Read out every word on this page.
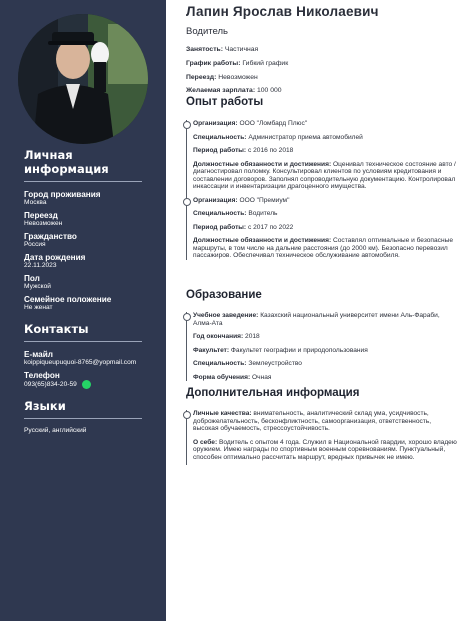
Личная информация
Город проживания
Москва
Переезд
Невозможен
Гражданство
Россия
Дата рождения
22.11.2023
Пол
Мужской
Семейное положение
Не женат
Контакты
E-майл
koippiqueupuquoi-8765@yopmail.com
Телефон
093(65)834-20-59
Языки
Русский, английский
Лапин Ярослав Николаевич
Водитель
Занятость: Частичная
График работы: Гибкий график
Переезд: Невозможен
Желаемая зарплата: 100 000
Опыт работы
Организация: ООО "Ломбард Плюс"
Специальность: Администратор приема автомобилей
Период работы: с 2016 по 2018
Должностные обязанности и достижения: Оценивал техническое состояние авто / диагностировал поломку. Консультировал клиентов по условиям кредитования и составлении договоров. Заполнял сопроводительную документацию. Контролировал инкассации и инвентаризации драгоценного имущества.
Организация: ООО "Премиум"
Специальность: Водитель
Период работы: с 2017 по 2022
Должностные обязанности и достижения: Составлял оптимальные и безопасные маршруты, в том числе на дальние расстояния (до 2000 км). Безопасно перевозил пассажиров. Обеспечивал техническое обслуживание автомобиля.
Образование
Учебное заведение: Казахский национальный университет имени Аль-Фараби, Алма-Ата
Год окончания: 2018
Факультет: Факультет географии и природопользования
Специальность: Землеустройство
Форма обучения: Очная
Дополнительная информация
Личные качества: внимательность, аналитический склад ума, усидчивость, доброжелательность, бесконфликтность, самоорганизация, ответственность, высокая обучаемость, стрессоустойчивость.
О себе: Водитель с опытом 4 года. Служил в Национальной гвардии, хорошо владею оружием. Имею награды по спортивным военным соревнованиям. Пунктуальный, способен оптимально рассчитать маршрут, вредных привычек не имею.
